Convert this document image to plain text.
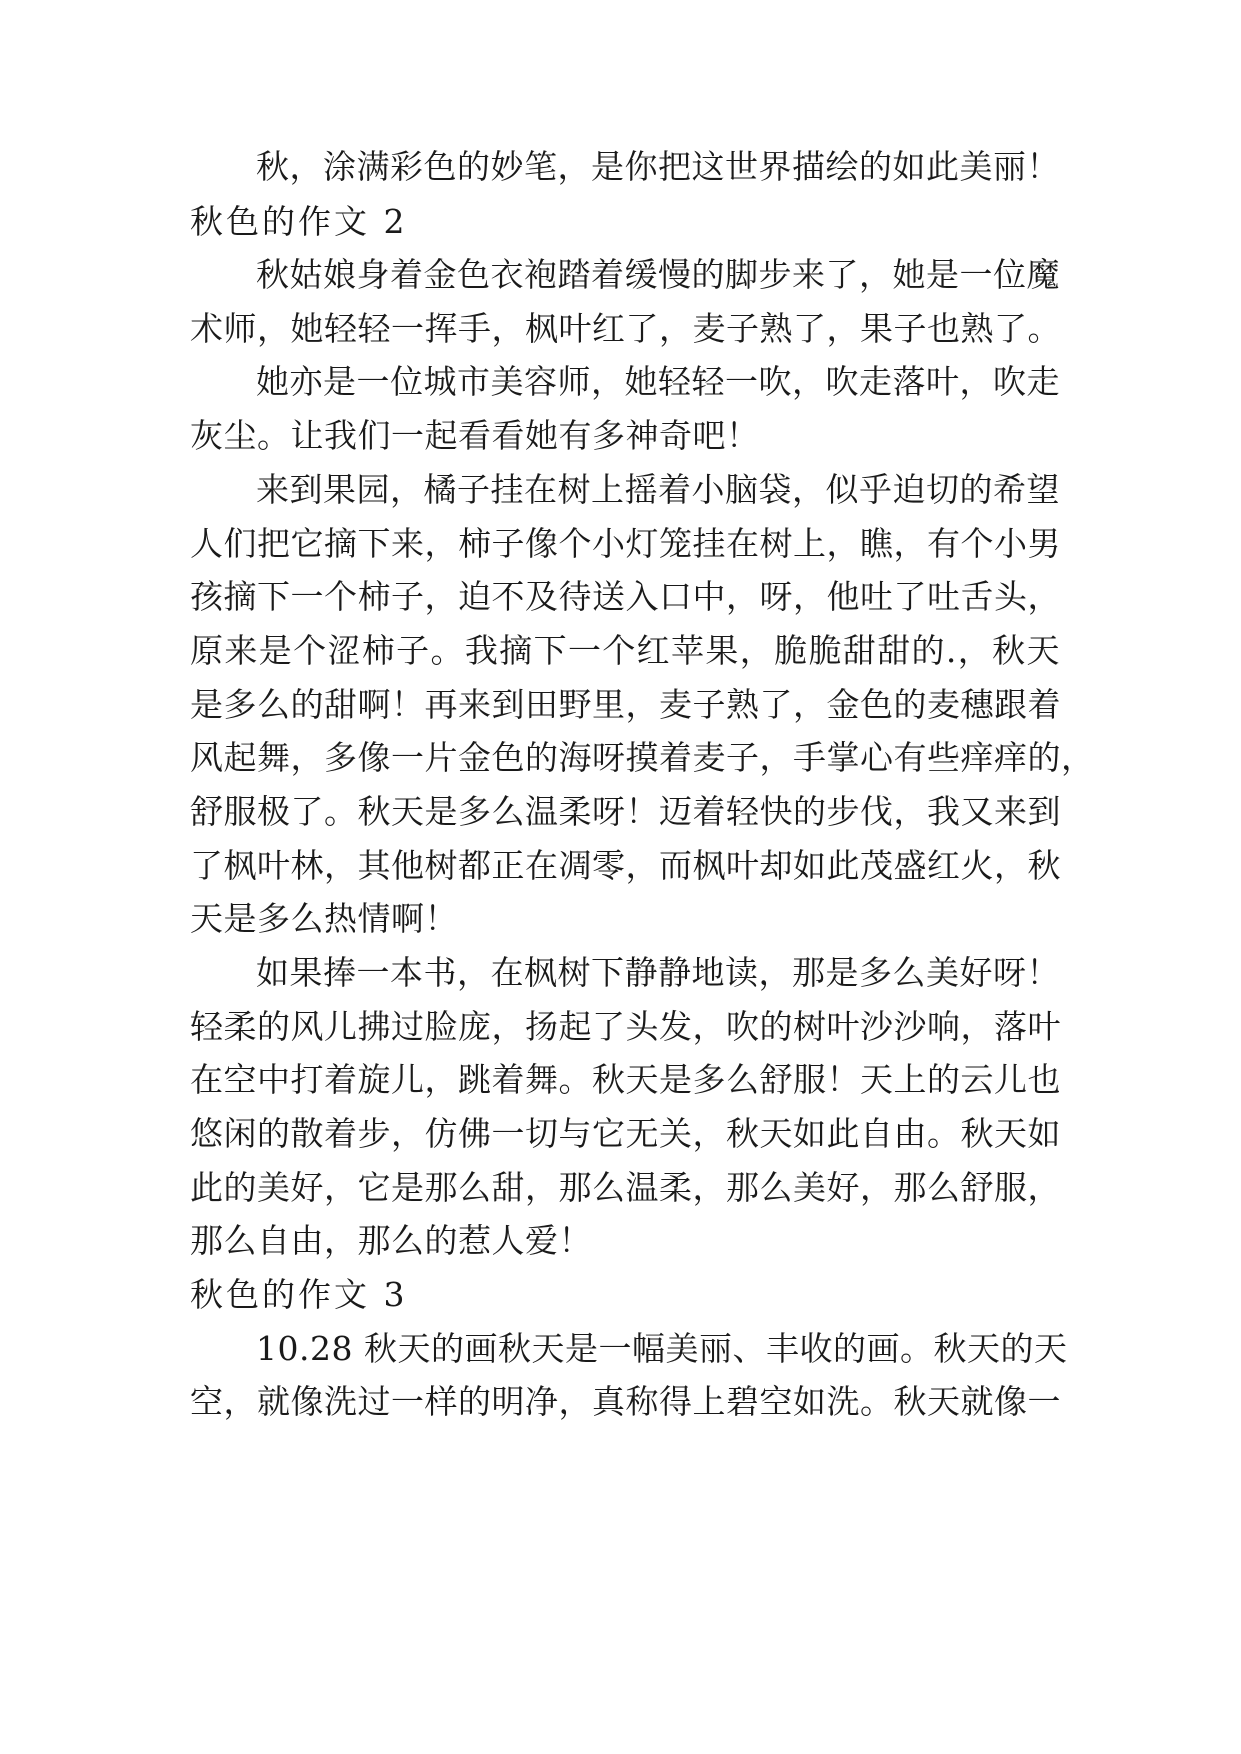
秋，涂满彩色的妙笔，是你把这世界描绘的如此美丽！
秋色的作文 2
秋姑娘身着金色衣袍踏着缓慢的脚步来了，她是一位魔
术师，她轻轻一挥手，枫叶红了，麦子熟了，果子也熟了。
她亦是一位城市美容师，她轻轻一吹，吹走落叶，吹走
灰尘。让我们一起看看她有多神奇吧！
来到果园，橘子挂在树上摇着小脑袋，似乎迫切的希望
人们把它摘下来，柿子像个小灯笼挂在树上，瞧，有个小男
孩摘下一个柿子，迫不及待送入口中，呀，他吐了吐舌头，
原来是个涩柿子。我摘下一个红苹果，脆脆甜甜的.，秋天
是多么的甜啊！再来到田野里，麦子熟了，金色的麦穗跟着
风起舞，多像一片金色的海呀摸着麦子，手掌心有些痒痒的，
舒服极了。秋天是多么温柔呀！迈着轻快的步伐，我又来到
了枫叶林，其他树都正在凋零，而枫叶却如此茂盛红火，秋
天是多么热情啊！
如果捧一本书，在枫树下静静地读，那是多么美好呀！
轻柔的风儿拂过脸庞，扬起了头发，吹的树叶沙沙响，落叶
在空中打着旋儿，跳着舞。秋天是多么舒服！天上的云儿也
悠闲的散着步，仿佛一切与它无关，秋天如此自由。秋天如
此的美好，它是那么甜，那么温柔，那么美好，那么舒服，
那么自由，那么的惹人爱！
秋色的作文 3
10.28 秋天的画秋天是一幅美丽、丰收的画。秋天的天
空，就像洗过一样的明净，真称得上碧空如洗。秋天就像一
